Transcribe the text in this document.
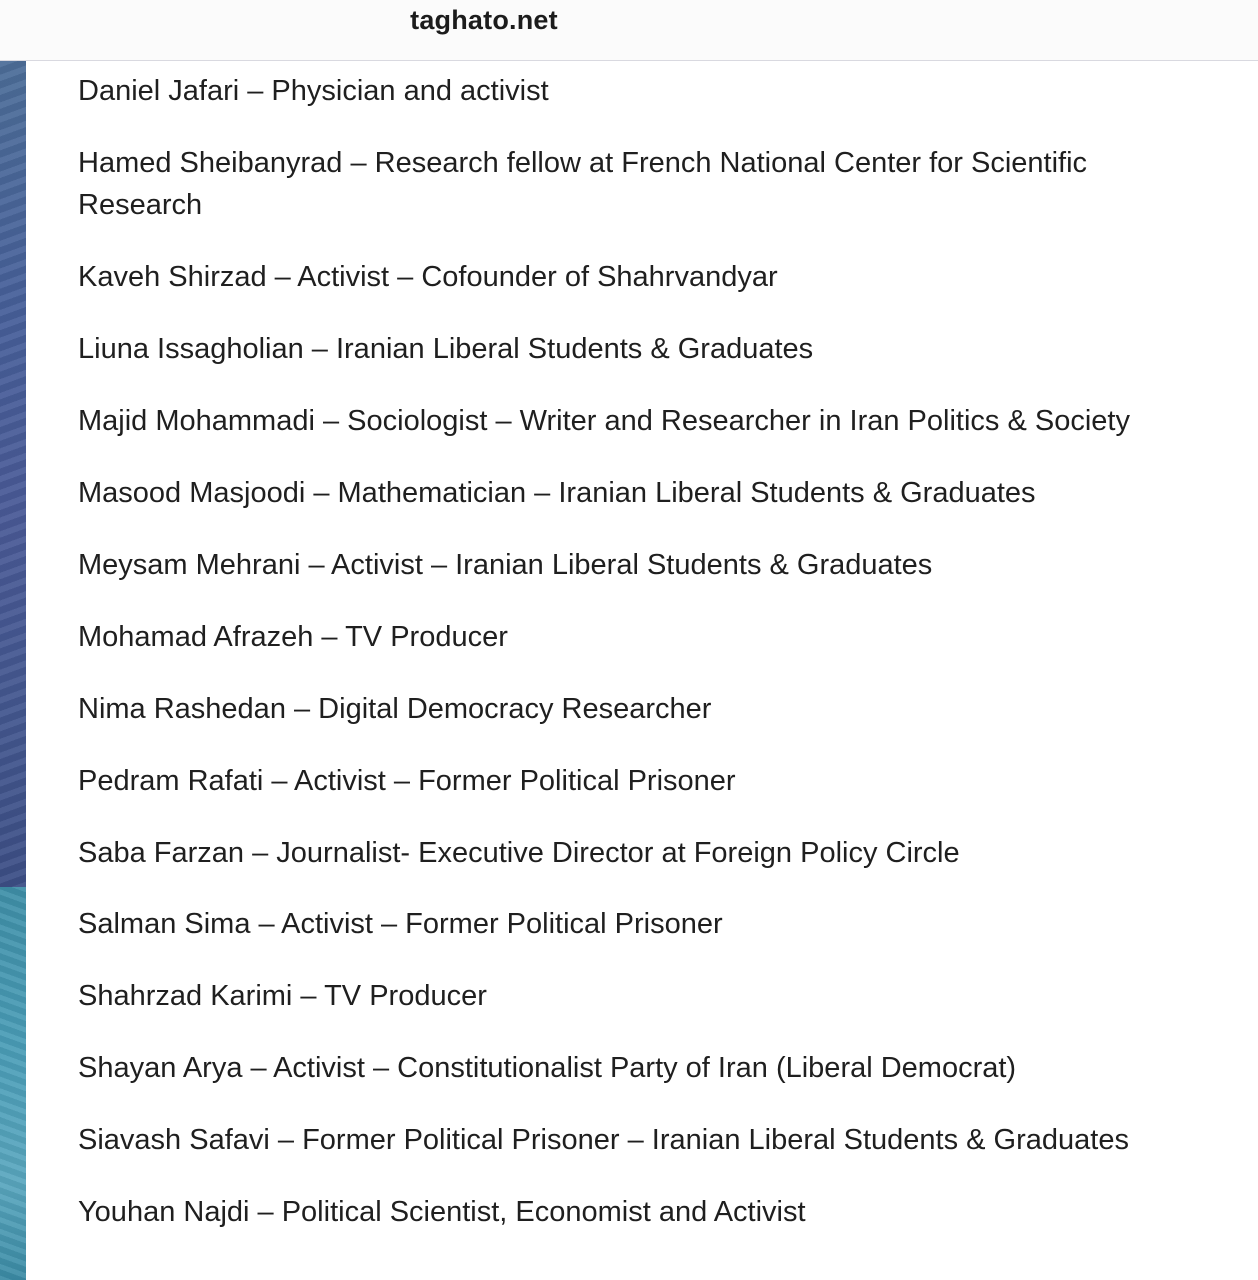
taghato.net
Daniel Jafari – Physician and activist
Hamed Sheibanyrad – Research fellow at French National Center for Scientific Research
Kaveh Shirzad – Activist – Cofounder of Shahrvandyar
Liuna Issagholian – Iranian Liberal Students & Graduates
Majid Mohammadi – Sociologist – Writer and Researcher in Iran Politics & Society
Masood Masjoodi – Mathematician – Iranian Liberal Students & Graduates
Meysam Mehrani – Activist – Iranian Liberal Students & Graduates
Mohamad Afrazeh – TV Producer
Nima Rashedan – Digital Democracy Researcher
Pedram Rafati – Activist – Former Political Prisoner
Saba Farzan – Journalist- Executive Director at Foreign Policy Circle
Salman Sima – Activist – Former Political Prisoner
Shahrzad Karimi – TV Producer
Shayan Arya – Activist – Constitutionalist Party of Iran (Liberal Democrat)
Siavash Safavi – Former Political Prisoner – Iranian Liberal Students & Graduates
Youhan Najdi – Political Scientist, Economist and Activist
